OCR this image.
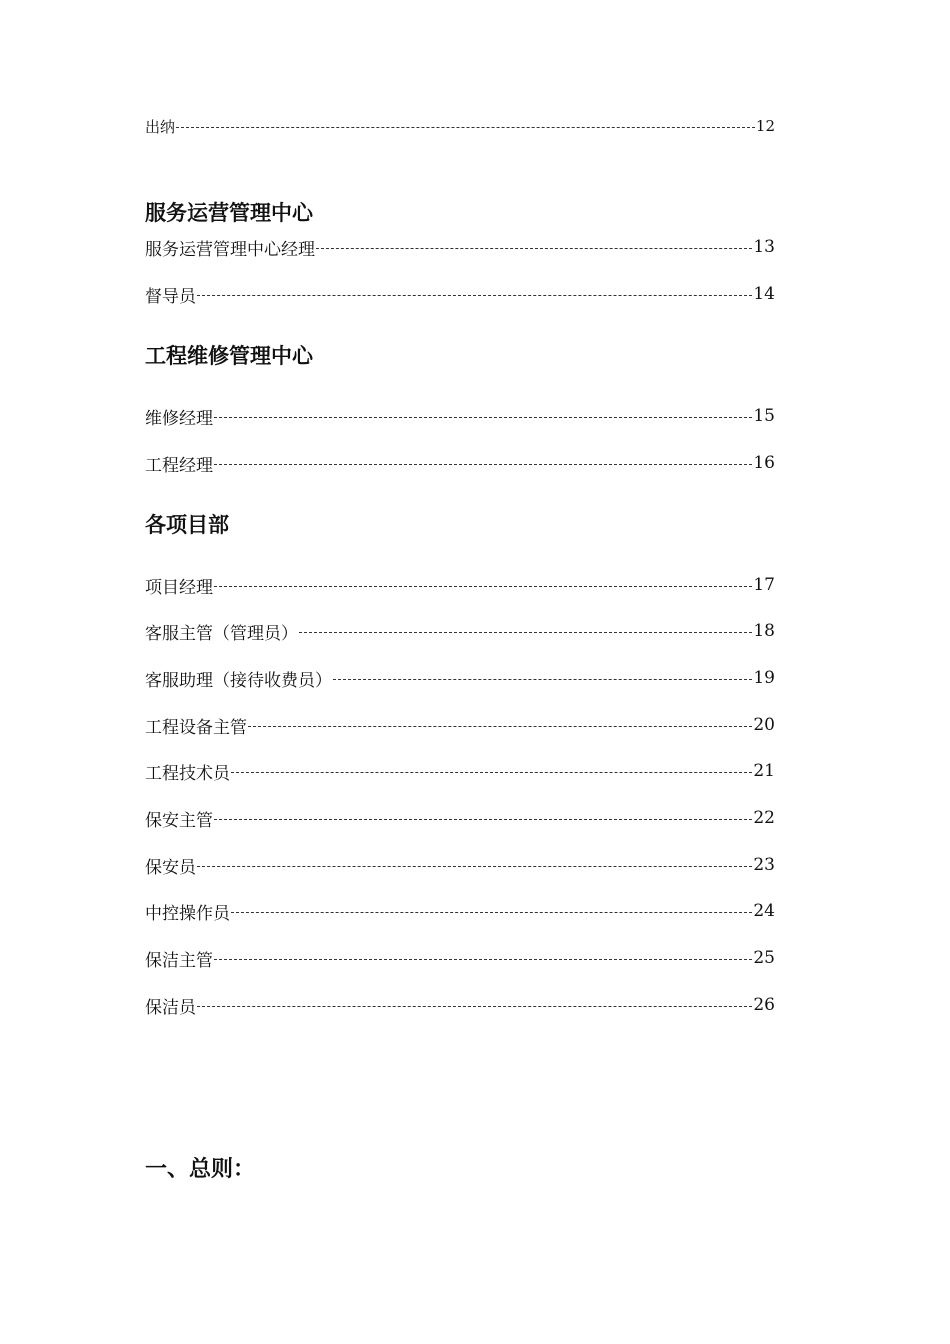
出纳	12
服务运营管理中心
服务运营管理中心经理	13
督导员	14
工程维修管理中心
维修经理	15
工程经理	16
各项目部
项目经理	17
客服主管（管理员）	18
客服助理（接待收费员）	19
工程设备主管	20
工程技术员	21
保安主管	22
保安员	23
中控操作员	24
保洁主管	25
保洁员	26
一、总则：
